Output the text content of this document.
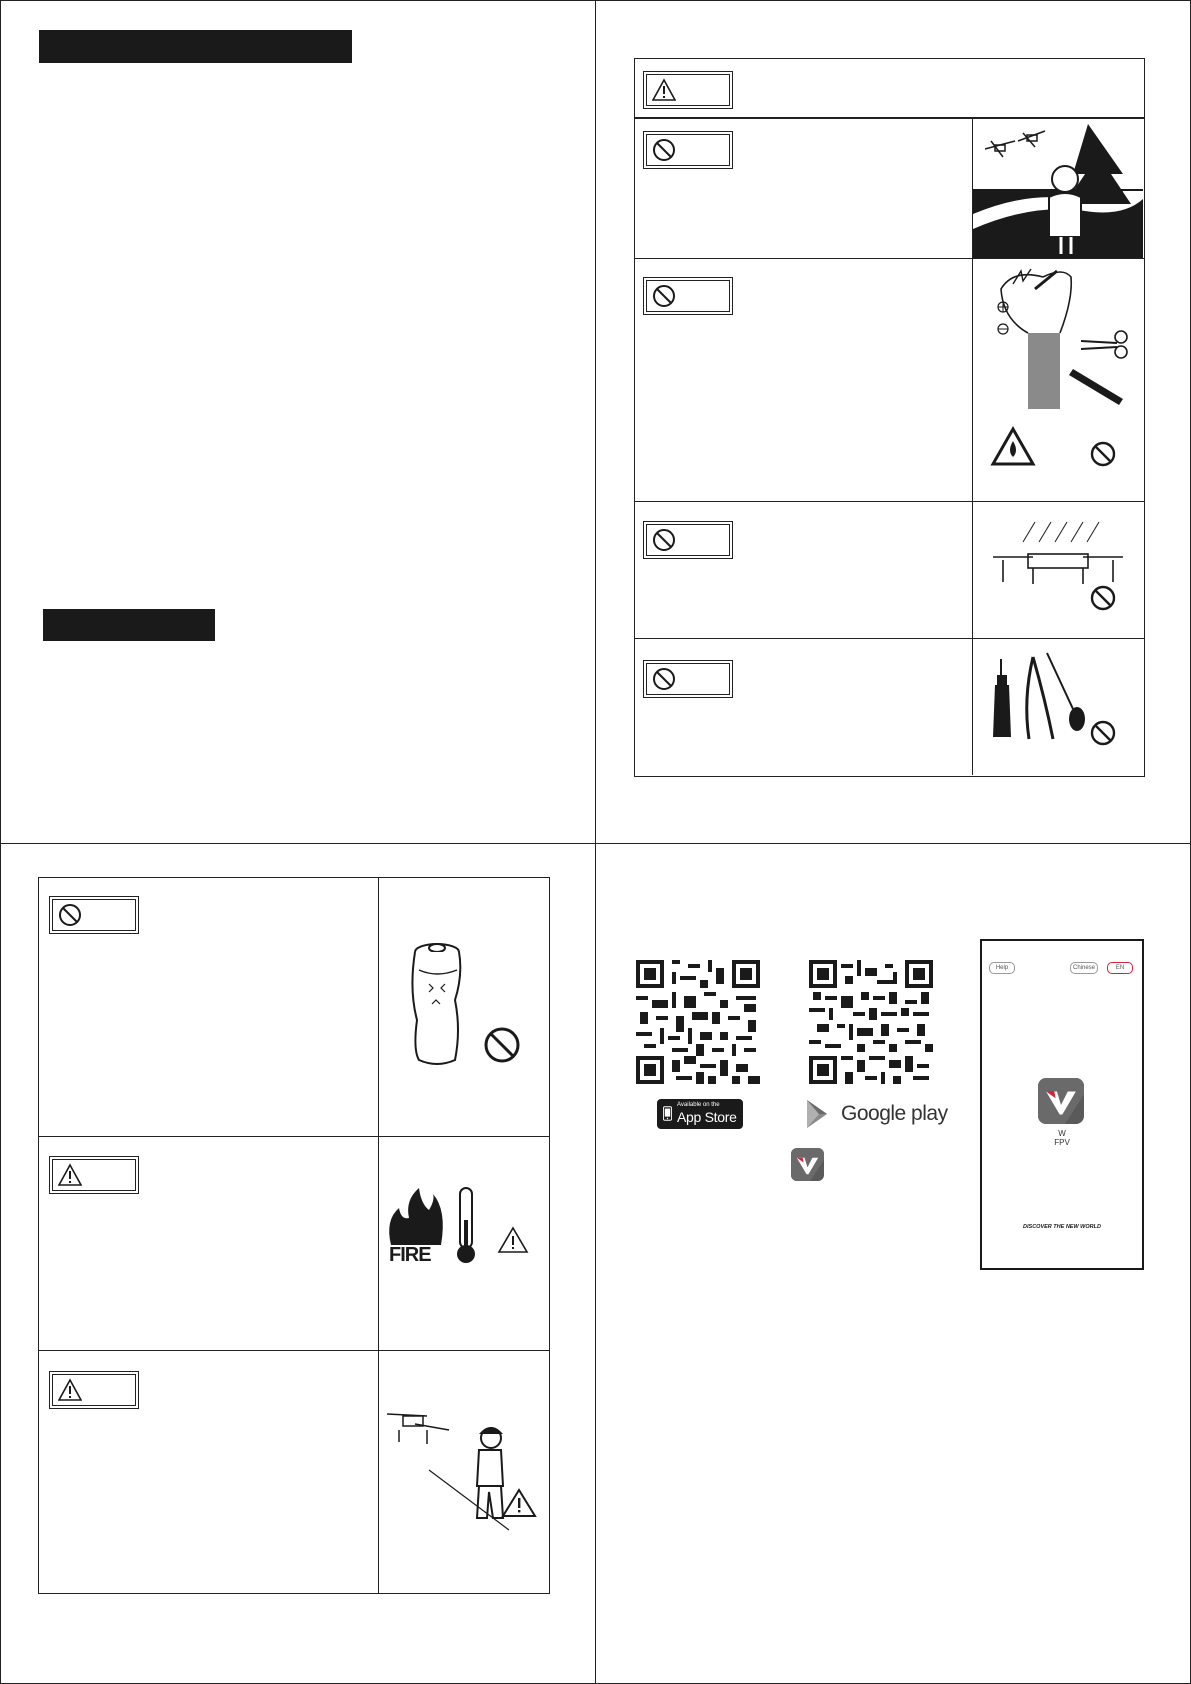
FIRE
Available on the
App Store	Google play
Help	Chinese	EN
W
FPV
DISCOVER THE NEW WORLD
